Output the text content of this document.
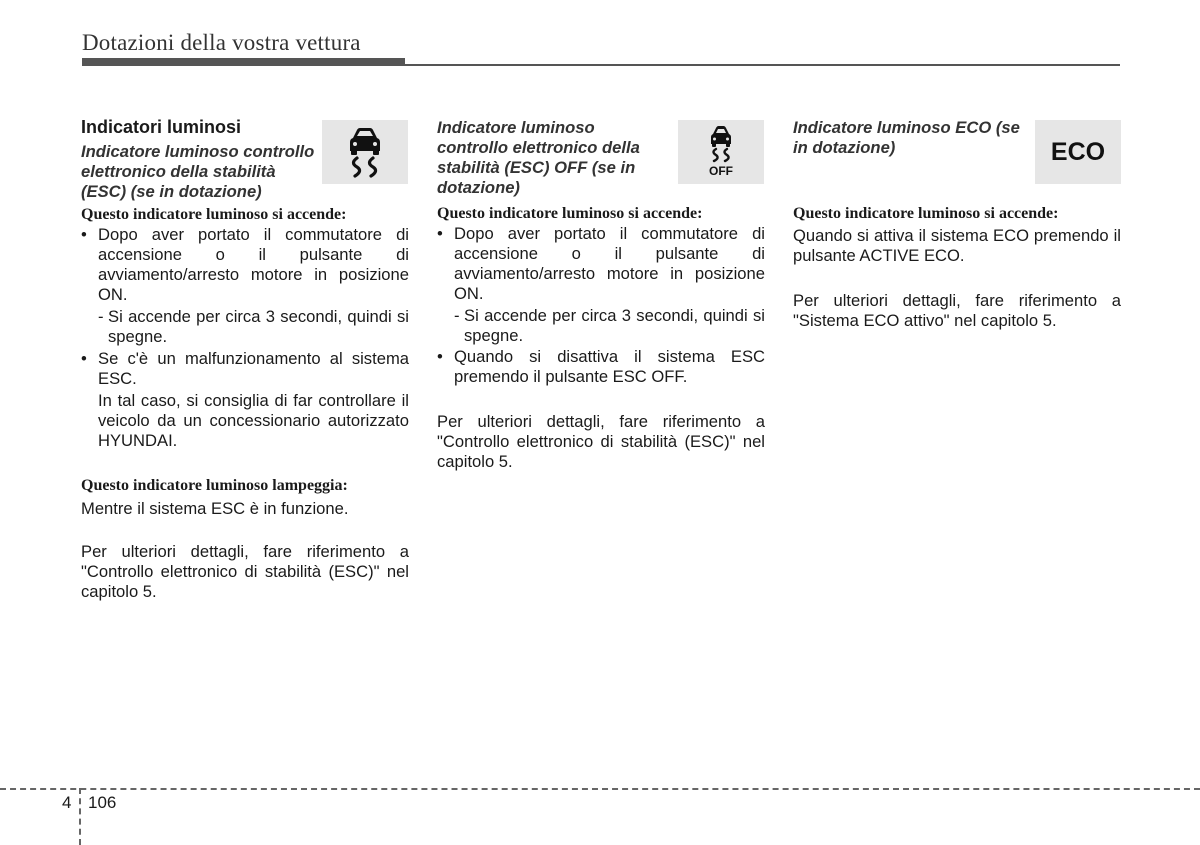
Dotazioni della vostra vettura

Indicatori luminosi

Indicatore luminoso controllo elettronico della stabilità (ESC) (se in dotazione)

Questo indicatore luminoso si accende:

• Dopo aver portato il commutatore di accensione o il pulsante di avviamento/arresto motore in posizione ON.

- Si accende per circa 3 secondi, quindi si spegne.

• Se c'è un malfunzionamento al sistema ESC.

In tal caso, si consiglia di far controllare il veicolo da un concessionario autorizzato HYUNDAI.

Questo indicatore luminoso lampeggia:

Mentre il sistema ESC è in funzione.

Per ulteriori dettagli, fare riferimento a "Controllo elettronico di stabilità (ESC)" nel capitolo 5.

OFF

Indicatore luminoso controllo elettronico della stabilità (ESC) OFF (se in dotazione)

Questo indicatore luminoso si accende:

• Dopo aver portato il commutatore di accensione o il pulsante di avviamento/arresto motore in posizione ON.

- Si accende per circa 3 secondi, quindi si spegne.

• Quando si disattiva il sistema ESC premendo il pulsante ESC OFF.

Per ulteriori dettagli, fare riferimento a "Controllo elettronico di stabilità (ESC)" nel capitolo 5.

ECO

Indicatore luminoso ECO (se in dotazione)

Questo indicatore luminoso si accende:

Quando si attiva il sistema ECO premendo il pulsante ACTIVE ECO.

Per ulteriori dettagli, fare riferimento a "Sistema ECO attivo" nel capitolo 5.

4 106
